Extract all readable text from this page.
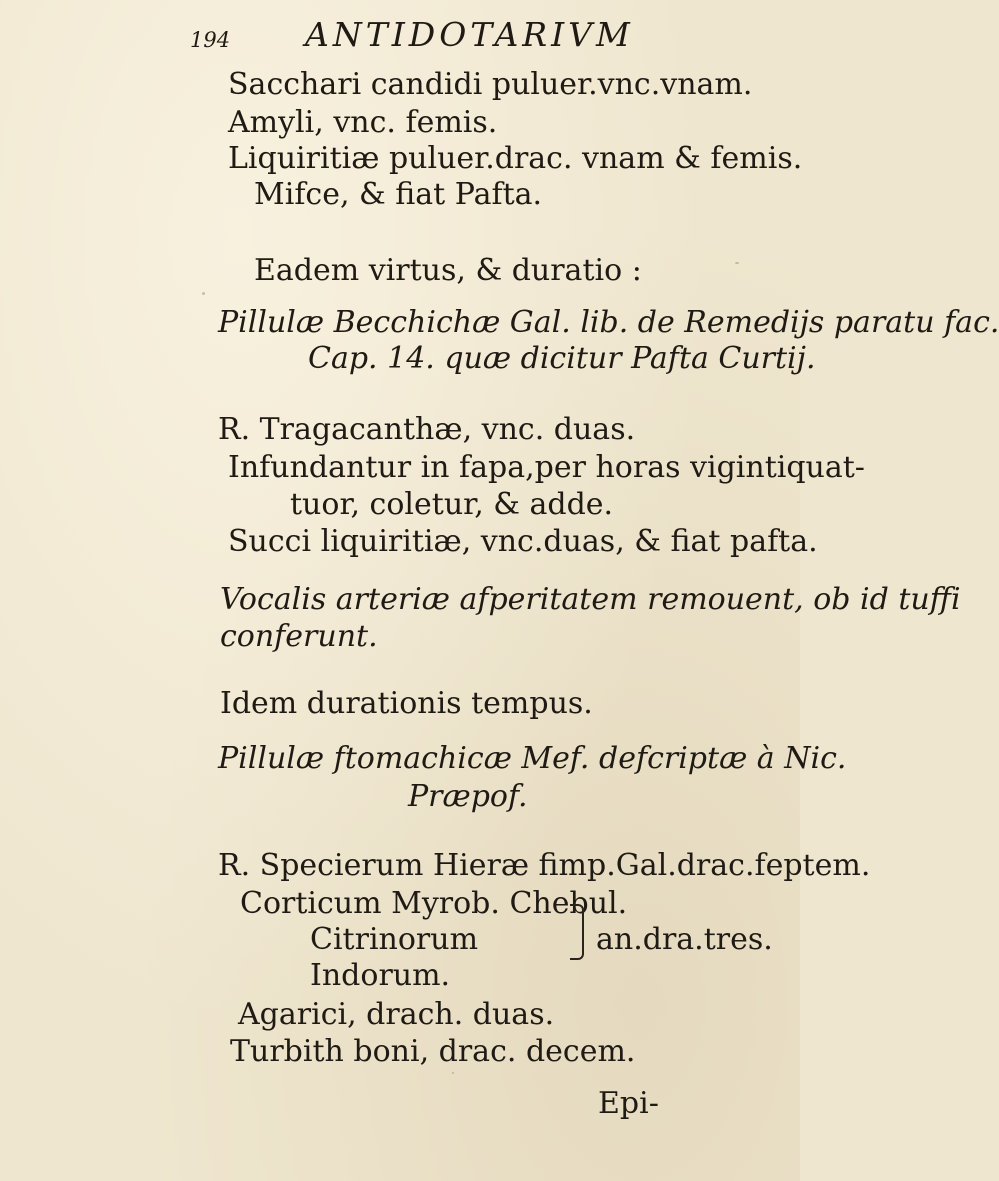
194 ANTIDOTARIVM
Sacchari candidi puluer.vnc.vnam.
Amyli, vnc. femis.
Liquiritiæ puluer.drac. vnam & femis.
Mifce, & fiat Pafta.
Eadem virtus, & duratio :
Pillulæ Becchichæ Gal. lib. de Remedijs paratu fac.
Cap. 14. quæ dicitur Pafta Curtij.
R. Tragacanthæ, vnc. duas.
Infundantur in fapa,per horas vigintiquat-
tuor, coletur, & adde.
Succi liquiritiæ, vnc.duas, & fiat pafta.
Vocalis arteriæ afperitatem remouent, ob id tuffi
conferunt.
Idem durationis tempus.
Pillulæ ftomachicæ Mef. defcriptæ à Nic.
Præpof.
R. Specierum Hieræ fimp.Gal.drac.feptem.
Corticum Myrob. Chebul.
Citrinorum	an.dra.tres.
Indorum.
Agarici, drach. duas.
Turbith boni, drac. decem.
Epi-
